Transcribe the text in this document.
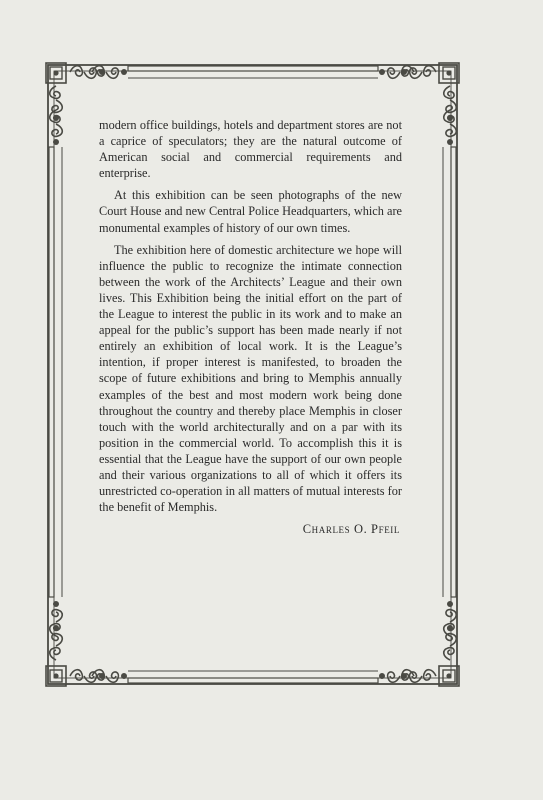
modern office buildings, hotels and department stores are not a caprice of speculators; they are the natural outcome of American social and commercial requirements and enterprise.

At this exhibition can be seen photographs of the new Court House and new Central Police Headquarters, which are monumental examples of history of our own times.

The exhibition here of domestic architecture we hope will influence the public to recognize the intimate connection between the work of the Architects’ League and their own lives. This Exhibition being the initial effort on the part of the League to interest the public in its work and to make an appeal for the public’s support has been made nearly if not entirely an exhibition of local work. It is the League’s intention, if proper interest is manifested, to broaden the scope of future exhibitions and bring to Memphis annually examples of the best and most modern work being done throughout the country and thereby place Memphis in closer touch with the world architecturally and on a par with its position in the commercial world. To accomplish this it is essential that the League have the support of our own people and their various organizations to all of which it offers its unrestricted co-operation in all matters of mutual interests for the benefit of Memphis.

Charles O. Pfeil
